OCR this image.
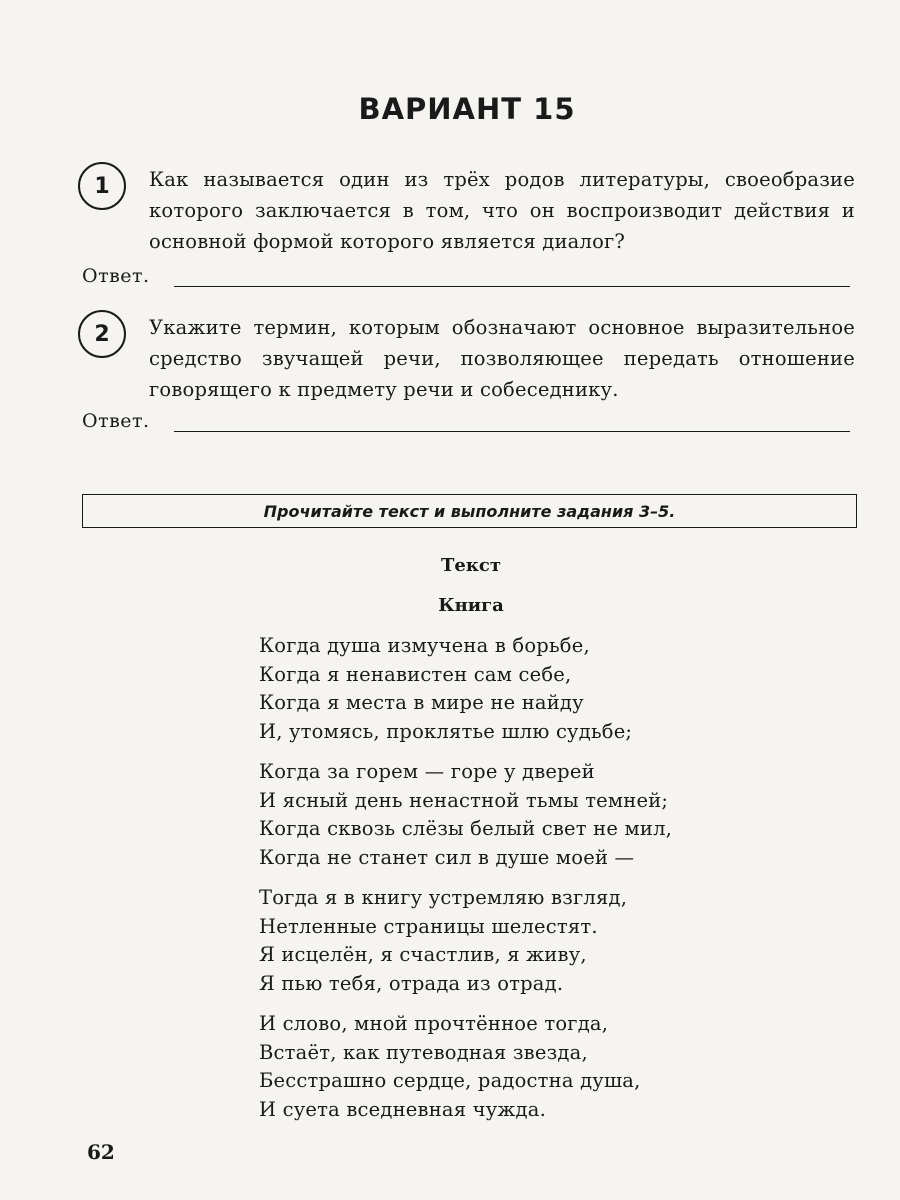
ВАРИАНТ 15
1	Как называется один из трёх родов литературы, своеобразие которого заключается в том, что он воспроизводит действия и основной формой которого является диалог?
Ответ.
2	Укажите термин, которым обозначают основное выразительное средство звучащей речи, позволяющее передать отношение говорящего к предмету речи и собеседнику.
Ответ.
Прочитайте текст и выполните задания 3–5.
Текст
Книга
Когда душа измучена в борьбе,
Когда я ненавистен сам себе,
Когда я места в мире не найду
И, утомясь, проклятье шлю судьбе;
Когда за горем — горе у дверей
И ясный день ненастной тьмы темней;
Когда сквозь слёзы белый свет не мил,
Когда не станет сил в душе моей —
Тогда я в книгу устремляю взгляд,
Нетленные страницы шелестят.
Я исцелён, я счастлив, я живу,
Я пью тебя, отрада из отрад.
И слово, мной прочтённое тогда,
Встаёт, как путеводная звезда,
Бесстрашно сердце, радостна душа,
И суета вседневная чужда.
62
